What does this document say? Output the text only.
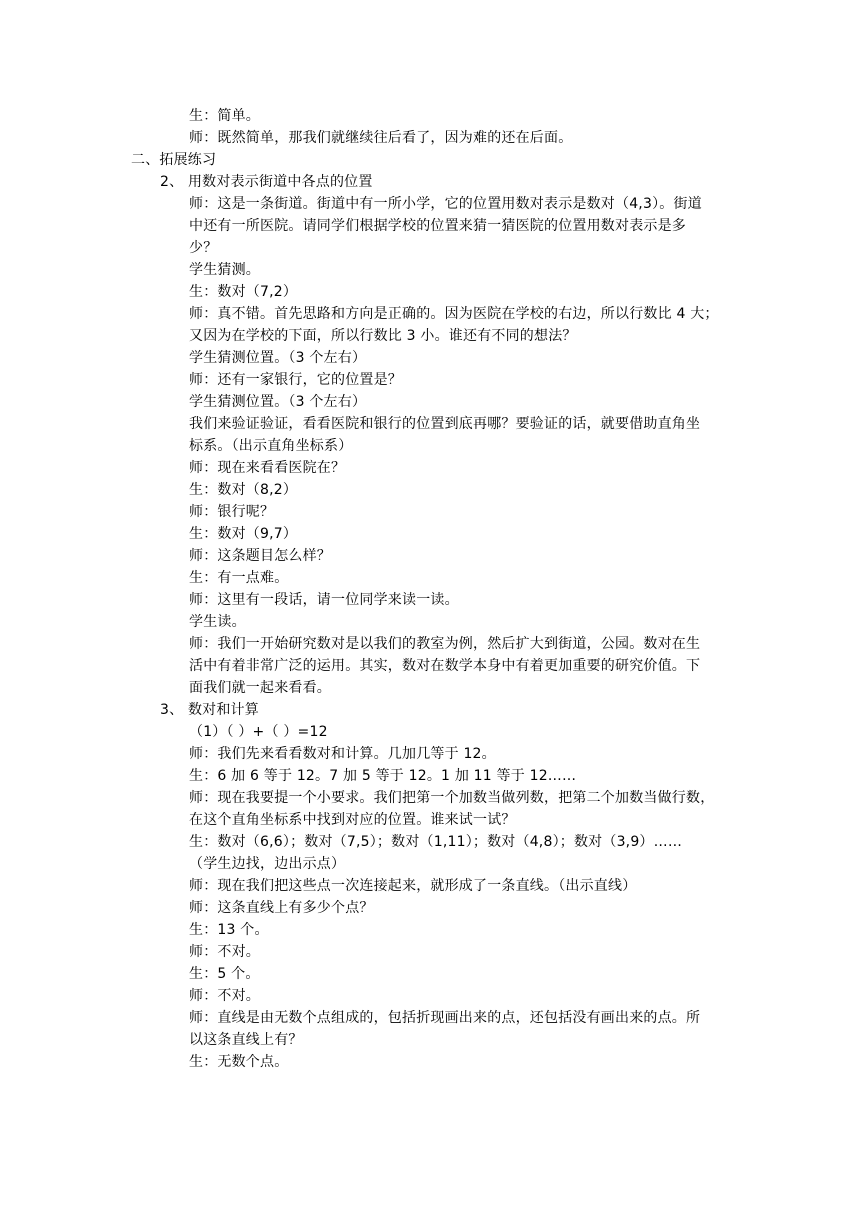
生：简单。
师：既然简单，那我们就继续往后看了，因为难的还在后面。
二、拓展练习
2、 用数对表示街道中各点的位置
师：这是一条街道。街道中有一所小学，它的位置用数对表示是数对（4,3）。街道
中还有一所医院。请同学们根据学校的位置来猜一猜医院的位置用数对表示是多
少？
学生猜测。
生：数对（7,2）
师：真不错。首先思路和方向是正确的。因为医院在学校的右边，所以行数比 4 大；
又因为在学校的下面，所以行数比 3 小。谁还有不同的想法？
学生猜测位置。（3 个左右）
师：还有一家银行，它的位置是？
学生猜测位置。（3 个左右）
我们来验证验证，看看医院和银行的位置到底再哪？要验证的话，就要借助直角坐
标系。（出示直角坐标系）
师：现在来看看医院在？
生：数对（8,2）
师：银行呢？
生：数对（9,7）
师：这条题目怎么样？
生：有一点难。
师：这里有一段话，请一位同学来读一读。
学生读。
师：我们一开始研究数对是以我们的教室为例，然后扩大到街道，公园。数对在生
活中有着非常广泛的运用。其实，数对在数学本身中有着更加重要的研究价值。下
面我们就一起来看看。
3、 数对和计算
（1）（ ）+（ ）=12
师：我们先来看看数对和计算。几加几等于 12。
生：6 加 6 等于 12。7 加 5 等于 12。1 加 11 等于 12……
师：现在我要提一个小要求。我们把第一个加数当做列数，把第二个加数当做行数，
在这个直角坐标系中找到对应的位置。谁来试一试？
生：数对（6,6）；数对（7,5）；数对（1,11）；数对（4,8）；数对（3,9）……
（学生边找，边出示点）
师：现在我们把这些点一次连接起来，就形成了一条直线。（出示直线）
师：这条直线上有多少个点？
生：13 个。
师：不对。
生：5 个。
师：不对。
师：直线是由无数个点组成的，包括折现画出来的点，还包括没有画出来的点。所
以这条直线上有？
生：无数个点。
